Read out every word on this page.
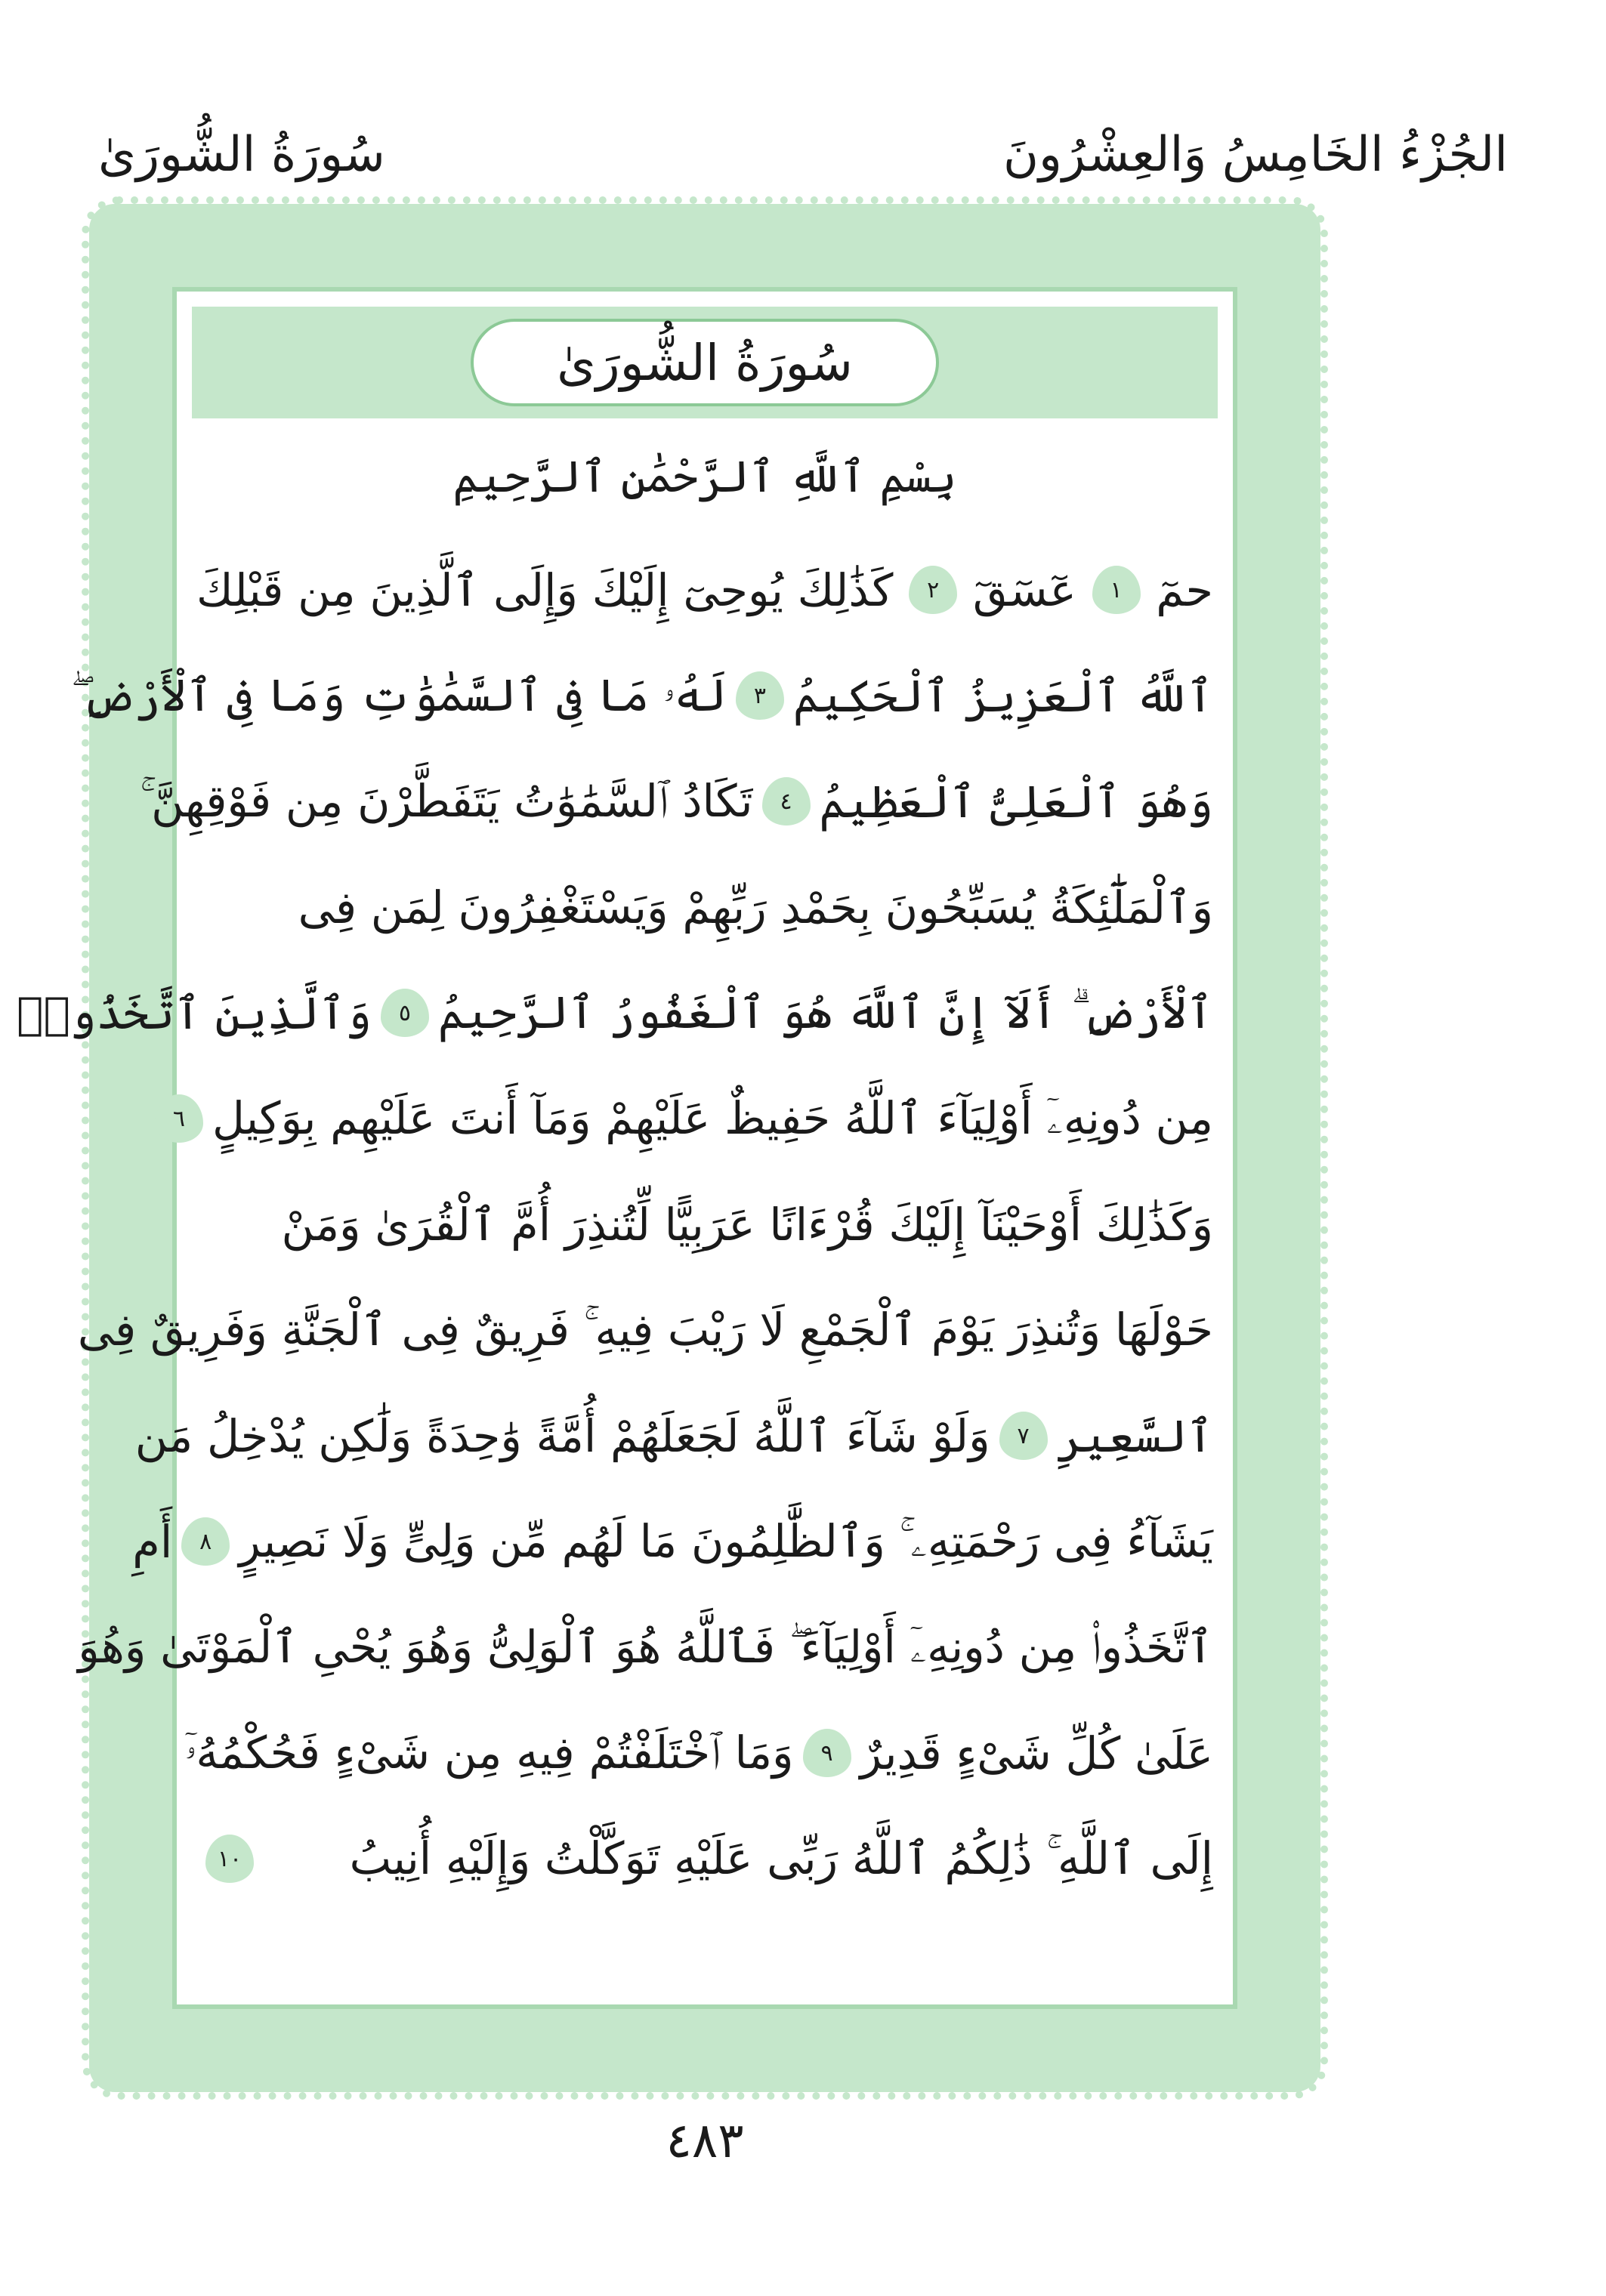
الجُزْءُ الخَامِسُ وَالعِشْرُونَ
سُورَةُ الشُّورَىٰ
سُورَةُ الشُّورَىٰ
بِسْمِ ٱللَّهِ ٱلرَّحْمَٰنِ ٱلرَّحِيمِ
حمٓ
١
عٓسٓقٓ
٢
كَذَٰلِكَ يُوحِىٓ إِلَيْكَ وَإِلَى ٱلَّذِينَ مِن قَبْلِكَ
ٱللَّهُ ٱلْعَزِيزُ ٱلْحَكِيمُ
٣
لَهُۥ مَا فِى ٱلسَّمَٰوَٰتِ وَمَا فِى ٱلْأَرْضِ ۖ
وَهُوَ ٱلْعَلِىُّ ٱلْعَظِيمُ
٤
تَكَادُ ٱلسَّمَٰوَٰتُ يَتَفَطَّرْنَ مِن فَوْقِهِنَّ ۚ
وَٱلْمَلَٰٓئِكَةُ يُسَبِّحُونَ بِحَمْدِ رَبِّهِمْ وَيَسْتَغْفِرُونَ لِمَن فِى
ٱلْأَرْضِ ۗ أَلَآ إِنَّ ٱللَّهَ هُوَ ٱلْغَفُورُ ٱلرَّحِيمُ
٥
وَٱلَّذِينَ ٱتَّخَذُوا۟
مِن دُونِهِۦٓ أَوْلِيَآءَ ٱللَّهُ حَفِيظٌ عَلَيْهِمْ وَمَآ أَنتَ عَلَيْهِم بِوَكِيلٍ
٦
وَكَذَٰلِكَ أَوْحَيْنَآ إِلَيْكَ قُرْءَانًا عَرَبِيًّا لِّتُنذِرَ أُمَّ ٱلْقُرَىٰ وَمَنْ
حَوْلَهَا وَتُنذِرَ يَوْمَ ٱلْجَمْعِ لَا رَيْبَ فِيهِ ۚ فَرِيقٌ فِى ٱلْجَنَّةِ وَفَرِيقٌ فِى
ٱلسَّعِيرِ
٧
وَلَوْ شَآءَ ٱللَّهُ لَجَعَلَهُمْ أُمَّةً وَٰحِدَةً وَلَٰكِن يُدْخِلُ مَن
يَشَآءُ فِى رَحْمَتِهِۦ ۚ وَٱلظَّٰلِمُونَ مَا لَهُم مِّن وَلِىٍّ وَلَا نَصِيرٍ
٨
أَمِ
ٱتَّخَذُوا۟ مِن دُونِهِۦٓ أَوْلِيَآءَ ۖ فَٱللَّهُ هُوَ ٱلْوَلِىُّ وَهُوَ يُحْىِ ٱلْمَوْتَىٰ وَهُوَ
عَلَىٰ كُلِّ شَىْءٍ قَدِيرٌ
٩
وَمَا ٱخْتَلَفْتُمْ فِيهِ مِن شَىْءٍ فَحُكْمُهُۥٓ
إِلَى ٱللَّهِ ۚ ذَٰلِكُمُ ٱللَّهُ رَبِّى عَلَيْهِ تَوَكَّلْتُ وَإِلَيْهِ أُنِيبُ
١٠
٤٨٣
